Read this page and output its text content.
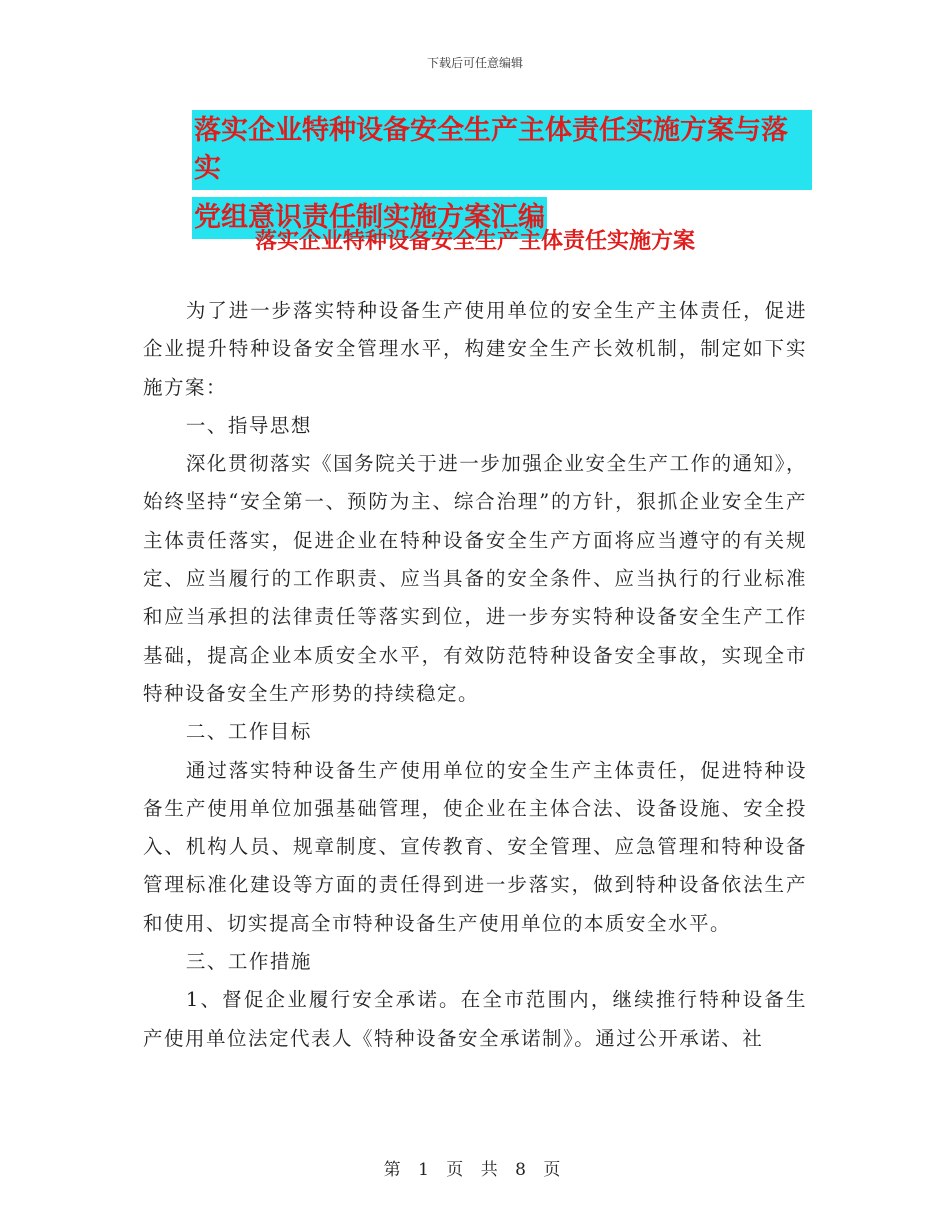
下载后可任意编辑
落实企业特种设备安全生产主体责任实施方案与落实
党组意识责任制实施方案汇编
落实企业特种设备安全生产主体责任实施方案

为了进一步落实特种设备生产使用单位的安全生产主体责任，促进企业提升特种设备安全管理水平，构建安全生产长效机制，制定如下实施方案：

一、指导思想

深化贯彻落实《国务院关于进一步加强企业安全生产工作的通知》，始终坚持“安全第一、预防为主、综合治理”的方针，狠抓企业安全生产主体责任落实，促进企业在特种设备安全生产方面将应当遵守的有关规定、应当履行的工作职责、应当具备的安全条件、应当执行的行业标准和应当承担的法律责任等落实到位，进一步夯实特种设备安全生产工作基础，提高企业本质安全水平，有效防范特种设备安全事故，实现全市特种设备安全生产形势的持续稳定。

二、工作目标

通过落实特种设备生产使用单位的安全生产主体责任，促进特种设备生产使用单位加强基础管理，使企业在主体合法、设备设施、安全投入、机构人员、规章制度、宣传教育、安全管理、应急管理和特种设备管理标准化建设等方面的责任得到进一步落实，做到特种设备依法生产和使用、切实提高全市特种设备生产使用单位的本质安全水平。

三、工作措施

1、督促企业履行安全承诺。在全市范围内，继续推行特种设备生产使用单位法定代表人《特种设备安全承诺制》。通过公开承诺、社

第 1 页 共 8 页
